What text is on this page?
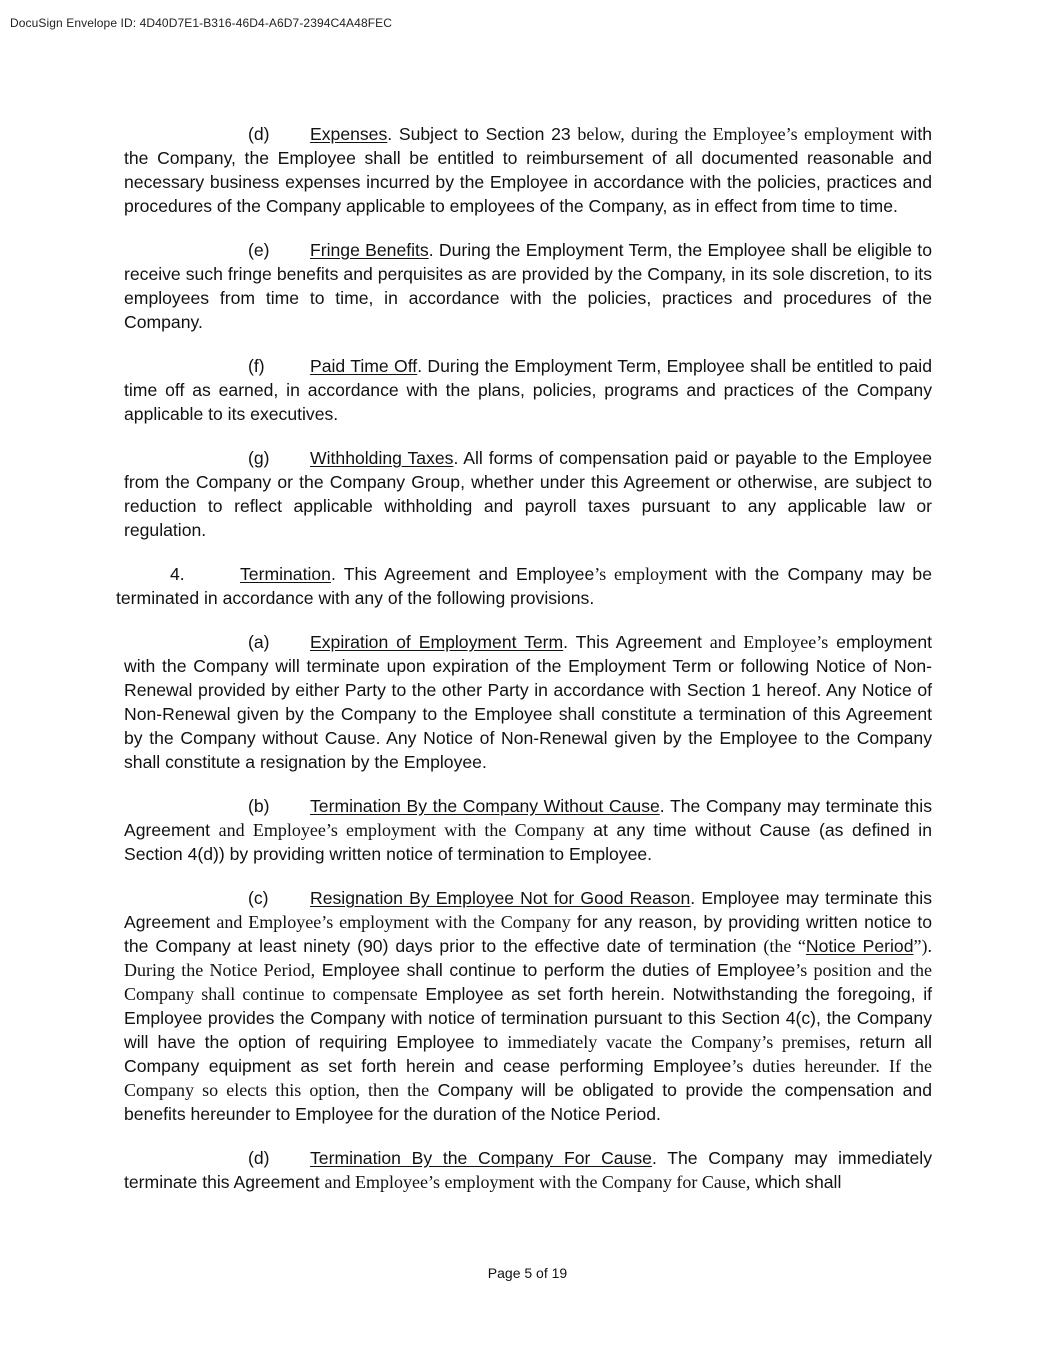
DocuSign Envelope ID: 4D40D7E1-B316-46D4-A6D7-2394C4A48FEC

(d) Expenses. Subject to Section 23 below, during the Employee’s employment with the Company, the Employee shall be entitled to reimbursement of all documented reasonable and necessary business expenses incurred by the Employee in accordance with the policies, practices and procedures of the Company applicable to employees of the Company, as in effect from time to time.

(e) Fringe Benefits. During the Employment Term, the Employee shall be eligible to receive such fringe benefits and perquisites as are provided by the Company, in its sole discretion, to its employees from time to time, in accordance with the policies, practices and procedures of the Company.

(f)	Paid Time Off. During the Employment Term, Employee shall be entitled to paid time off as earned, in accordance with the plans, policies, programs and practices of the Company applicable to its executives.

(g) Withholding Taxes. All forms of compensation paid or payable to the Employee from the Company or the Company Group, whether under this Agreement or otherwise, are subject to reduction to reflect applicable withholding and payroll taxes pursuant to any applicable law or regulation.

4.	Termination. This Agreement and Employee’s employment with the Company may be terminated in accordance with any of the following provisions.

(a) Expiration of Employment Term. This Agreement and Employee’s employment with the Company will terminate upon expiration of the Employment Term or following Notice of Non-Renewal provided by either Party to the other Party in accordance with Section 1 hereof. Any Notice of Non-Renewal given by the Company to the Employee shall constitute a termination of this Agreement by the Company without Cause. Any Notice of Non-Renewal given by the Employee to the Company shall constitute a resignation by the Employee.

(b) Termination By the Company Without Cause. The Company may terminate this Agreement and Employee’s employment with the Company at any time without Cause (as defined in Section 4(d)) by providing written notice of termination to Employee.

(c) Resignation By Employee Not for Good Reason. Employee may terminate this Agreement and Employee’s employment with the Company for any reason, by providing written notice to the Company at least ninety (90) days prior to the effective date of termination (the “Notice Period”). During the Notice Period, Employee shall continue to perform the duties of Employee’s position and the Company shall continue to compensate Employee as set forth herein. Notwithstanding the foregoing, if Employee provides the Company with notice of termination pursuant to this Section 4(c), the Company will have the option of requiring Employee to immediately vacate the Company’s premises, return all Company equipment as set forth herein and cease performing Employee’s duties hereunder. If the Company so elects this option, then the Company will be obligated to provide the compensation and benefits hereunder to Employee for the duration of the Notice Period.

(d) Termination By the Company For Cause. The Company may immediately terminate this Agreement and Employee’s employment with the Company for Cause, which shall

Page 5 of 19
